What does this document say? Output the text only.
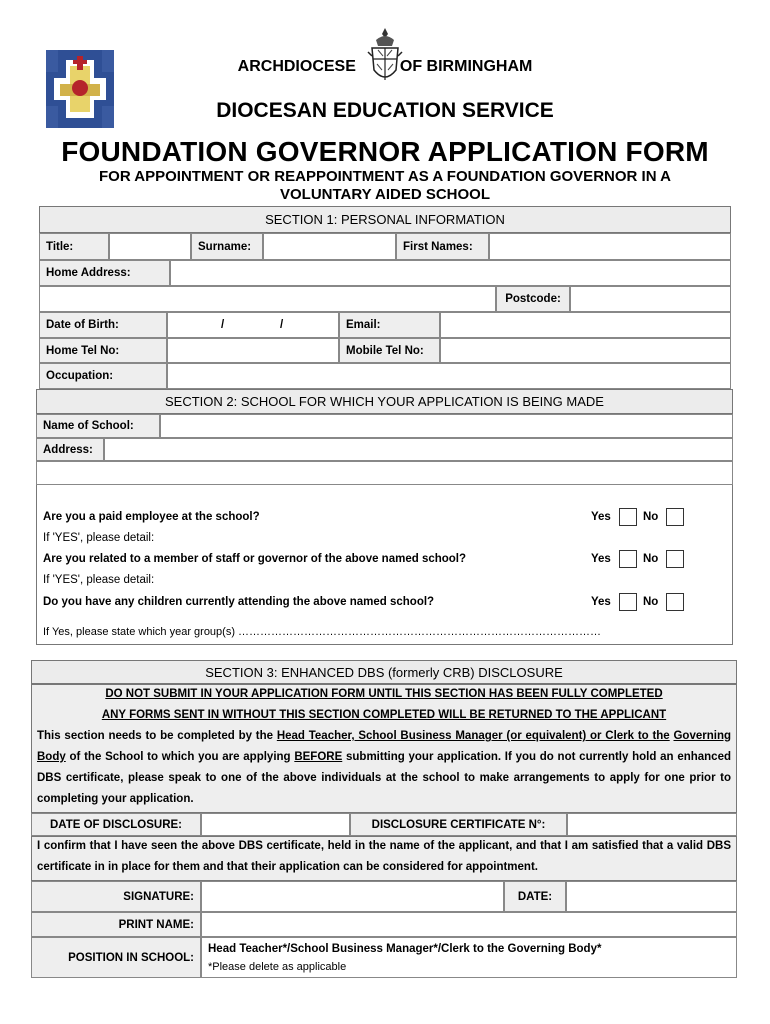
ARCHDIOCESE	OF BIRMINGHAM
DIOCESAN EDUCATION SERVICE
FOUNDATION GOVERNOR APPLICATION FORM
FOR APPOINTMENT OR REAPPOINTMENT AS A FOUNDATION GOVERNOR IN A VOLUNTARY AIDED SCHOOL
SECTION 1: PERSONAL INFORMATION
Title:	Surname:	First Names:
Home Address:
Postcode:
Date of Birth:	/	/	Email:
Home Tel No:	Mobile Tel No:
Occupation:
SECTION 2: SCHOOL FOR WHICH YOUR APPLICATION IS BEING MADE
Name of School:
Address:
Are you a paid employee at the school?	Yes	No
If 'YES', please detail:
Are you related to a member of staff or governor of the above named school?	Yes	No
If 'YES', please detail:
Do you have any children currently attending the above named school?	Yes	No
If Yes, please state which year group(s) ………………………………………………………………………………………
SECTION 3: ENHANCED DBS (formerly CRB) DISCLOSURE
DO NOT SUBMIT IN YOUR APPLICATION FORM UNTIL THIS SECTION HAS BEEN FULLY COMPLETED
ANY FORMS SENT IN WITHOUT THIS SECTION COMPLETED WILL BE RETURNED TO THE APPLICANT
This section needs to be completed by the Head Teacher, School Business Manager (or equivalent) or Clerk to the Governing Body of the School to which you are applying BEFORE submitting your application. If you do not currently hold an enhanced DBS certificate, please speak to one of the above individuals at the school to make arrangements to apply for one prior to completing your application.
DATE OF DISCLOSURE:	DISCLOSURE CERTIFICATE N°:
I confirm that I have seen the above DBS certificate, held in the name of the applicant, and that I am satisfied that a valid DBS certificate in in place for them and that their application can be considered for appointment.
SIGNATURE:	DATE:
PRINT NAME:
POSITION IN SCHOOL:
Head Teacher*/School Business Manager*/Clerk to the Governing Body*
*Please delete as applicable
